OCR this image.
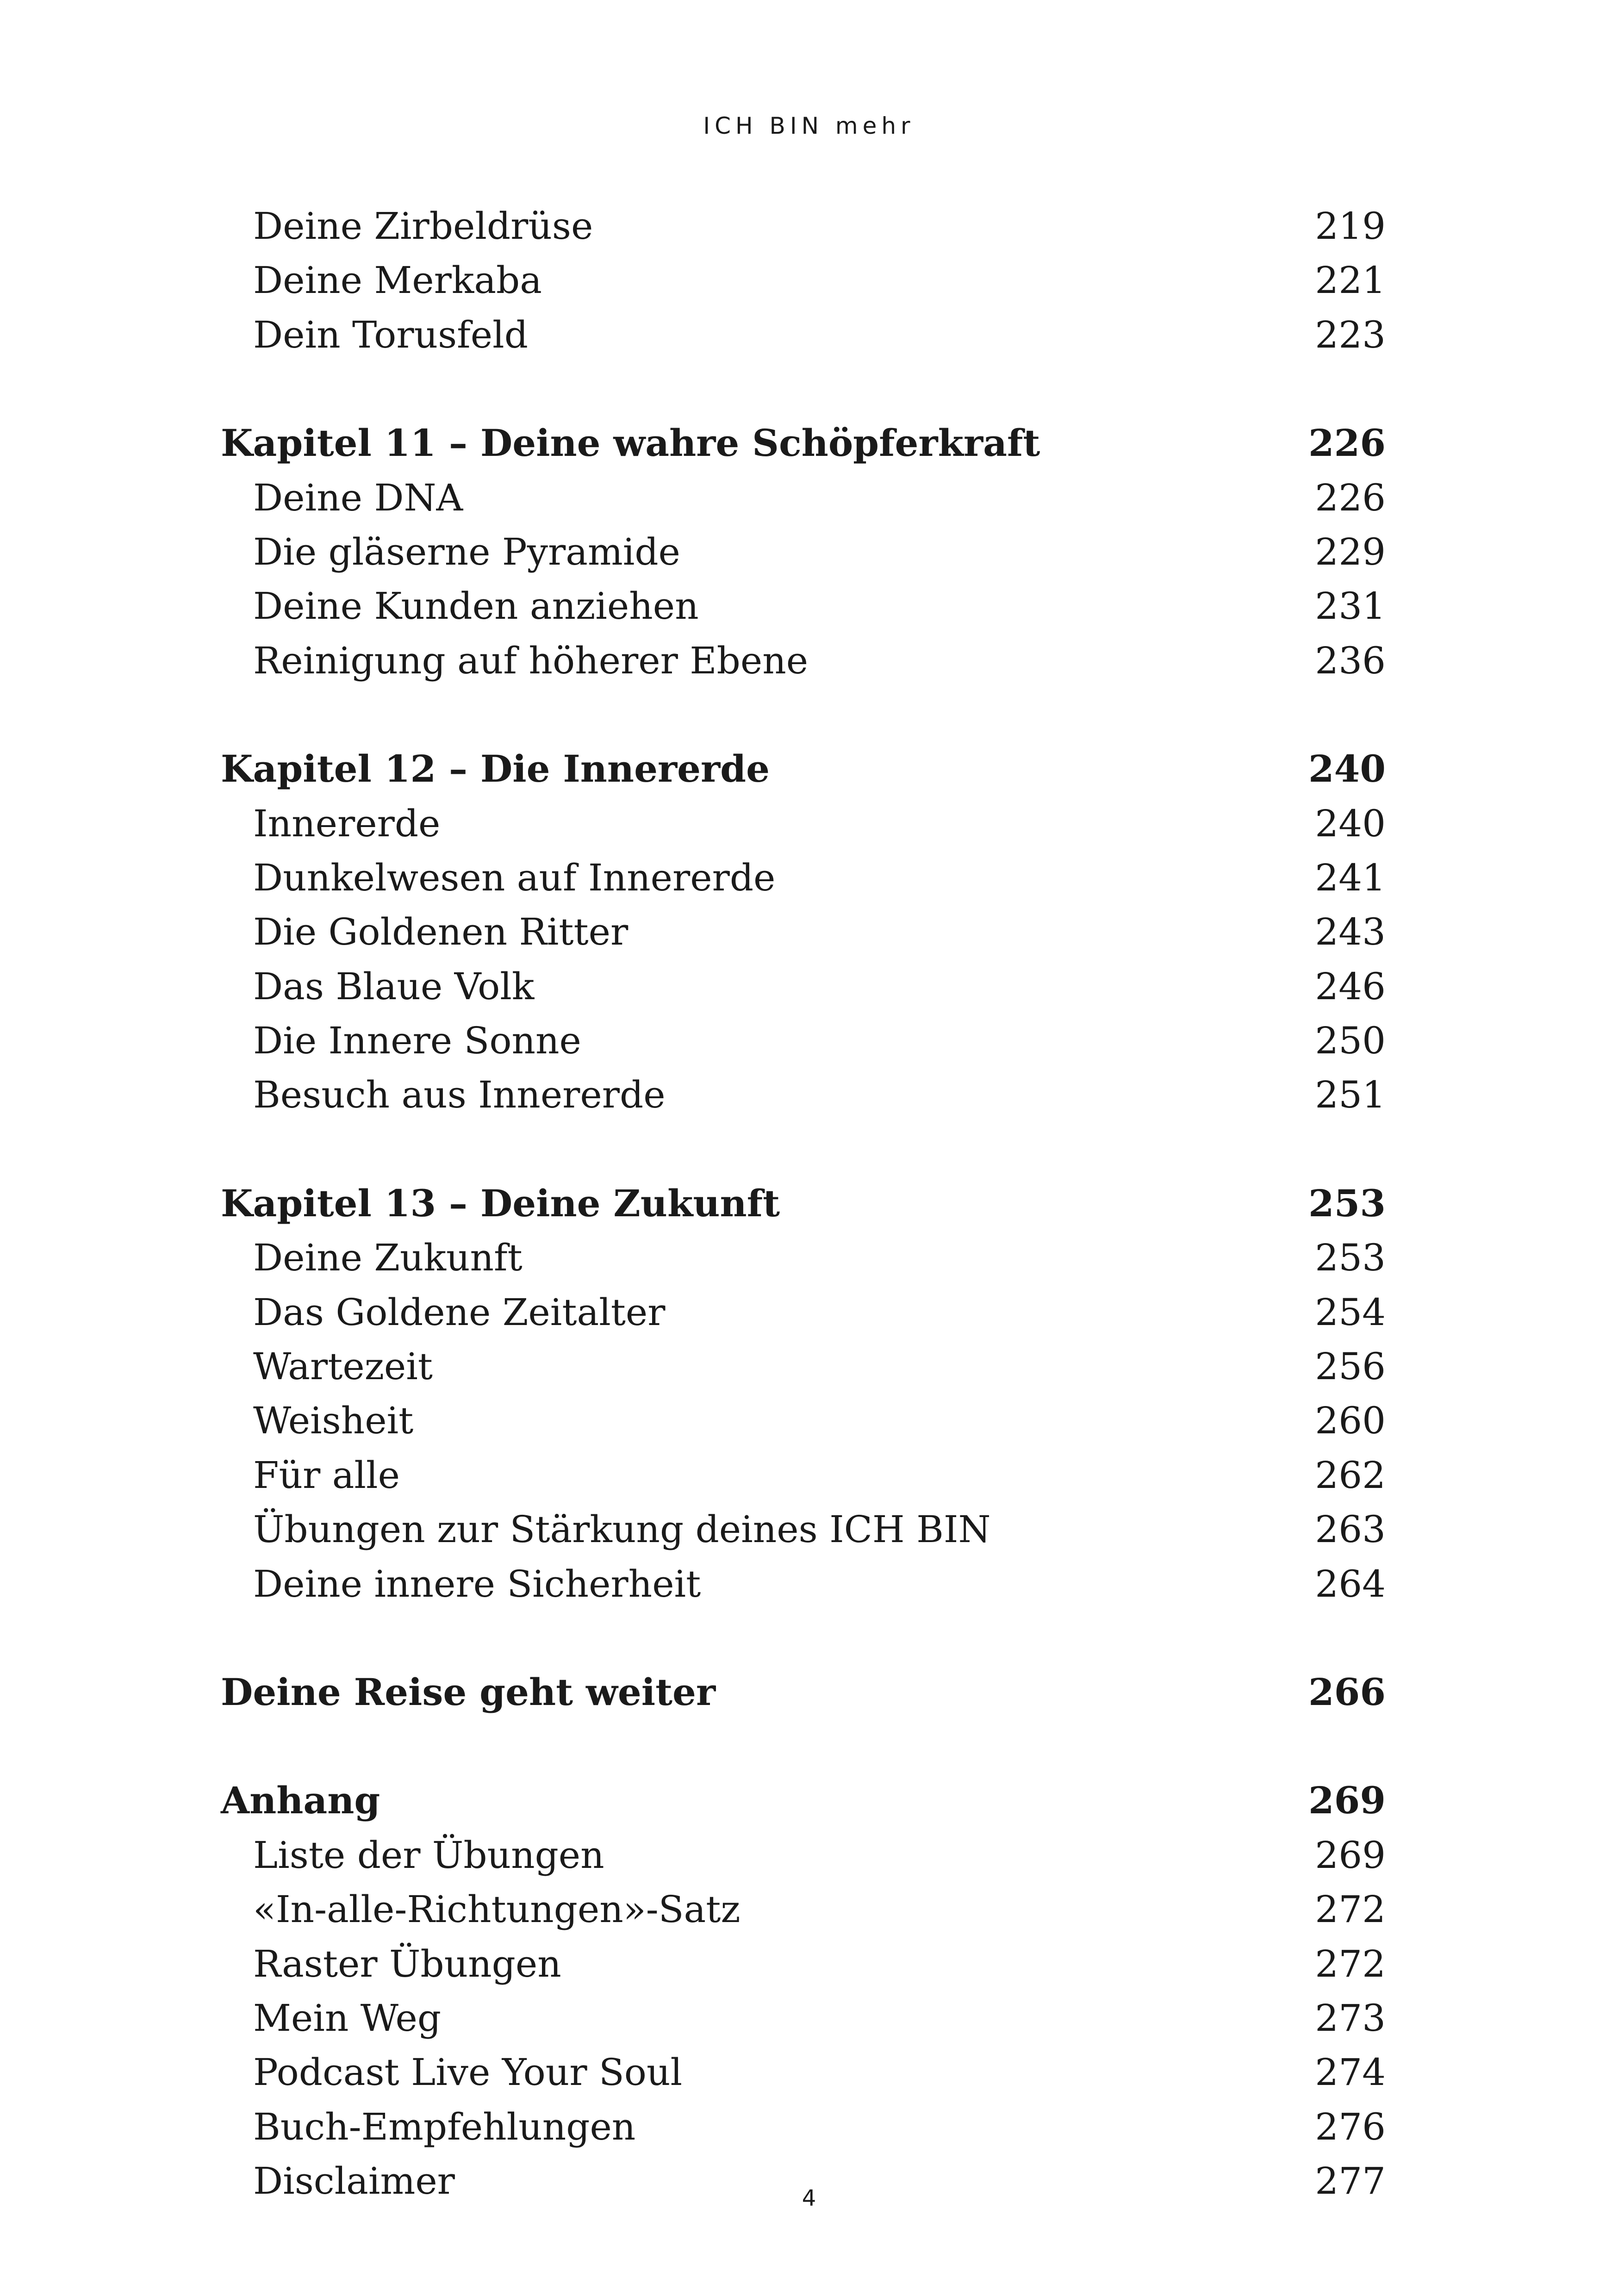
ICH BIN mehr
Deine Zirbeldrüse	219
Deine Merkaba	221
Dein Torusfeld	223
Kapitel 11 – Deine wahre Schöpferkraft	226
Deine DNA	226
Die gläserne Pyramide	229
Deine Kunden anziehen	231
Reinigung auf höherer Ebene	236
Kapitel 12 – Die Innererde	240
Innererde	240
Dunkelwesen auf Innererde	241
Die Goldenen Ritter	243
Das Blaue Volk	246
Die Innere Sonne	250
Besuch aus Innererde	251
Kapitel 13 – Deine Zukunft	253
Deine Zukunft	253
Das Goldene Zeitalter	254
Wartezeit	256
Weisheit	260
Für alle	262
Übungen zur Stärkung deines ICH BIN	263
Deine innere Sicherheit	264
Deine Reise geht weiter	266
Anhang	269
Liste der Übungen	269
«In-alle-Richtungen»-Satz	272
Raster Übungen	272
Mein Weg	273
Podcast Live Your Soul	274
Buch-Empfehlungen	276
Disclaimer	277
4
